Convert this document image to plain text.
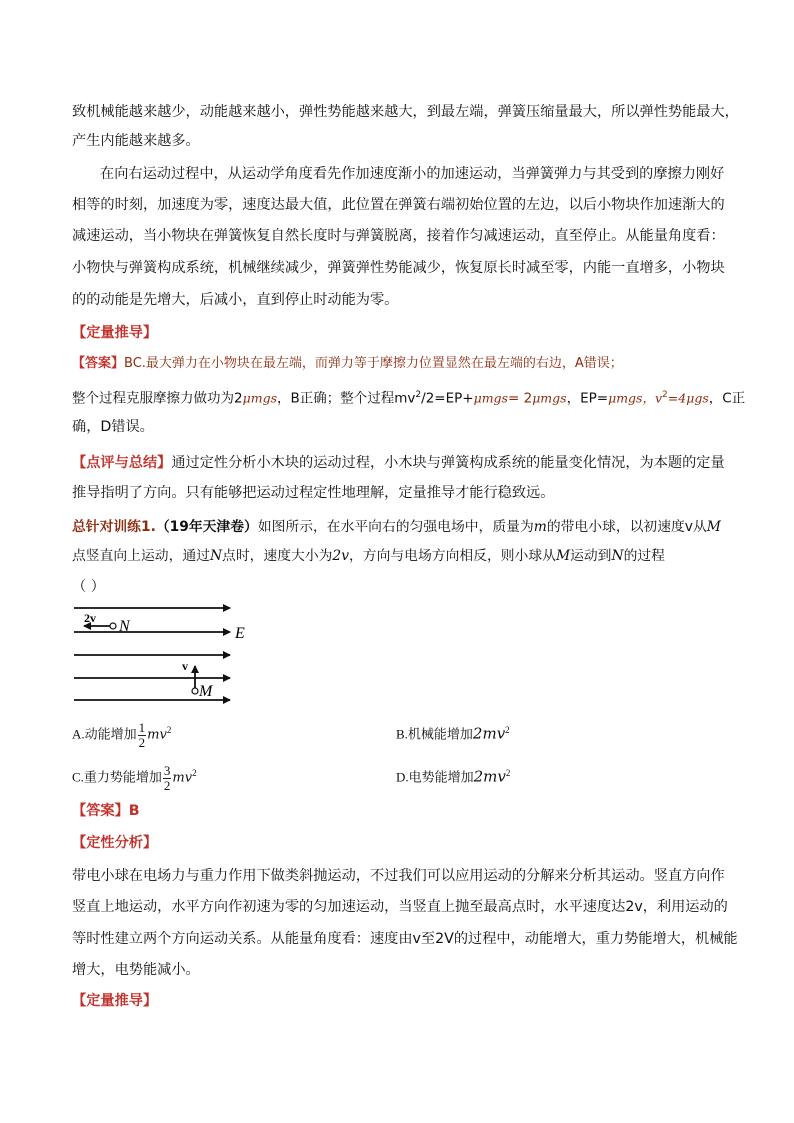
致机械能越来越少，动能越来越小，弹性势能越来越大，到最左端，弹簧压缩量最大，所以弹性势能最大，
产生内能越来越多。
在向右运动过程中，从运动学角度看先作加速度渐小的加速运动，当弹簧弹力与其受到的摩擦力刚好
相等的时刻，加速度为零，速度达最大值，此位置在弹簧右端初始位置的左边，以后小物块作加速渐大的
减速运动，当小物块在弹簧恢复自然长度时与弹簧脱离，接着作匀减速运动，直至停止。从能量角度看：
小物快与弹簧构成系统，机械继续减少，弹簧弹性势能减少，恢复原长时减至零，内能一直增多，小物块
的的动能是先增大，后减小，直到停止时动能为零。
【定量推导】
【答案】BC.最大弹力在小物块在最左端，而弹力等于摩擦力位置显然在最左端的右边，A错误；
整个过程克服摩擦力做功为2μmgs，B正确；整个过程$mv^2/2=EP+\mu mgs= 2\mu mgs$，EP=μmgs，$v^2=4\mu gs$，C正
确，D错误。
【点评与总结】通过定性分析小木块的运动过程，小木块与弹簧构成系统的能量变化情况，为本题的定量
推导指明了方向。只有能够把运动过程定性地理解，定量推导才能行稳致远。
总针对训练1.（19年天津卷）如图所示，在水平向右的匀强电场中，质量为m的带电小球，以初速度v从M
点竖直向上运动，通过N点时，速度大小为2v，方向与电场方向相反，则小球从M运动到N的过程
（ ）
2v N	E
v
M
A.动能增加 $\frac{1}{2} mv^2$	B.机械能增加$2mv^2$
C.重力势能增加 $\frac{3}{2} mv^2$	D.电势能增加$2mv^2$
【答案】B
【定性分析】
带电小球在电场力与重力作用下做类斜抛运动，不过我们可以应用运动的分解来分析其运动。竖直方向作
竖直上地运动，水平方向作初速为零的匀加速运动，当竖直上抛至最高点时，水平速度达2v，利用运动的
等时性建立两个方向运动关系。从能量角度看：速度由v至2V的过程中，动能增大，重力势能增大，机械能
增大，电势能减小。
【定量推导】
